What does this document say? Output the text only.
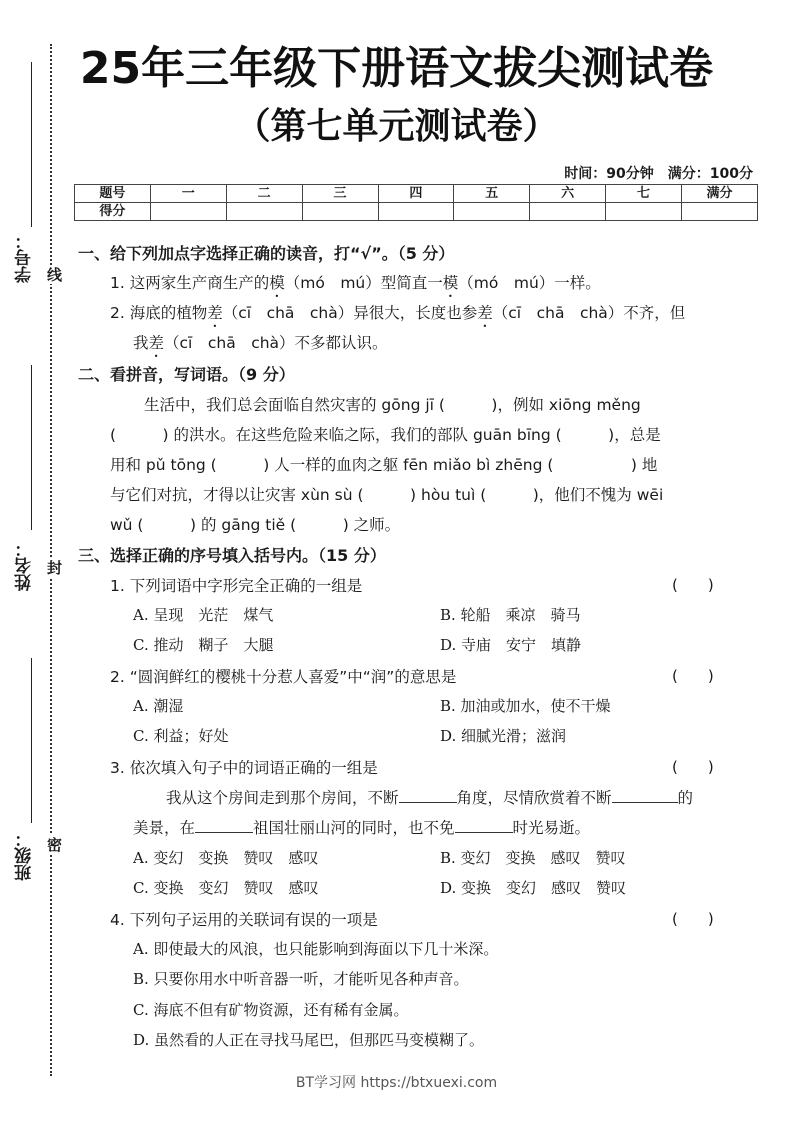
学号：
姓名：
班级：
线
封
密
25年三年级下册语文拔尖测试卷
（第七单元测试卷）
时间：90分钟　满分：100分
题号	一	二	三	四	五	六	七	满分
得分								
一、给下列加点字选择正确的读音，打“√”。（5 分）
1. 这两家生产商生产的模（mó　mú）型简直一模（mó　mú）一样。
2. 海底的植物差（cī　chā　chà）异很大，长度也参差（cī　chā　chà）不齐，但
我差（cī　chā　chà）不多都认识。
二、看拼音，写词语。（9 分）
生活中，我们总会面临自然灾害的 gōng jī (　　　)，例如 xiōng měng
(　　　) 的洪水。在这些危险来临之际，我们的部队 guān bīng (　　　)，总是
用和 pǔ tōng (　　　) 人一样的血肉之躯 fēn miǎo bì zhēng (　　　　　) 地
与它们对抗，才得以让灾害 xùn sù (　　　) hòu tuì (　　　)，他们不愧为 wēi
wǔ (　　　) 的 gāng tiě (　　　) 之师。
三、选择正确的序号填入括号内。（15 分）
1. 下列词语中字形完全正确的一组是	(　　)
A. 呈现　光茫　煤气	B. 轮船　乘凉　骑马
C. 推动　糊子　大腿	D. 寺庙　安宁　填静
2. “圆润鲜红的樱桃十分惹人喜爱”中“润”的意思是	(　　)
A. 潮湿	B. 加油或加水，使不干燥
C. 利益；好处	D. 细腻光滑；滋润
3. 依次填入句子中的词语正确的一组是	(　　)
我从这个房间走到那个房间，不断	角度，尽情欣赏着不断	的
美景，在	祖国壮丽山河的同时，也不免	时光易逝。
A. 变幻　变换　赞叹　感叹	B. 变幻　变换　感叹　赞叹
C. 变换　变幻　赞叹　感叹	D. 变换　变幻　感叹　赞叹
4. 下列句子运用的关联词有误的一项是	(　　)
A. 即使最大的风浪，也只能影响到海面以下几十米深。
B. 只要你用水中听音器一听，才能听见各种声音。
C. 海底不但有矿物资源，还有稀有金属。
D. 虽然看的人正在寻找马尾巴，但那匹马变模糊了。
BT学习网 https://btxuexi.com
